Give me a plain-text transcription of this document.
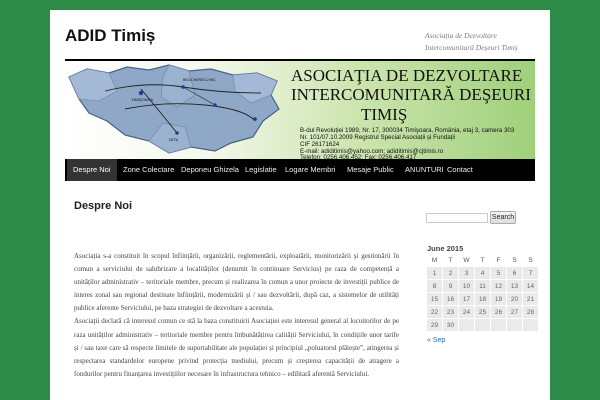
ADID Timiș	Asociația de Dezvoltare
Intercomunitară Deșeuri Timiș
TIMIŞOARA
BECICHERECU MIC
DETA
ASOCIAŢIA DE DEZVOLTARE
INTERCOMUNITARĂ DEŞEURI
TIMIŞ
B-dul Revoluției 1989, Nr. 17, 300034 Timişoara, România, etaj 3, camera 303
Nr. 101/07.10.2009 Registrul Special Asociații și Fundații
CIF 26171624
E-mail: adiditimis@yahoo.com; adiditimis@cjtimis.ro
Telefon: 0256.406.452; Fax: 0256.406.417
Despre Noi	Zone Colectare Deponeu Ghizela Legislatie Logare Membri Mesaje Public ANUNTURI Contact
Despre Noi

Asociația s-a constituit în scopul înființării, organizării, reglementării, exploatării, monitorizării și gestionării în comun a serviciului de salubrizare a localităților (denumit în continuare Servicius) pe raza de competență a unităților administrativ – teritoriale membre, precum și realizarea în comun a unor proiecte de investiții publice de interes zonal sau regional destinate înființării, modernizării și / sau dezvoltării, după caz, a sistemelor de utilități publice aferente Serviciului, pe baza strategiei de dezvoltare a acestuia.

Asociații declară că interesul comun ce stă la baza constituirii Asociației este interesul general al locuitorilor de pe raza unităților administrativ – teritoriale membre pentru îmbunătățirea calității Serviciului, în condițiile unor tarife și / sau taxe care să respecte limitele de suportabilitate ale populației și principiul „poluatorul plătește”, atingerea și respectarea standardelor europene privind protecția mediului, precum și creșterea capacității de atragere a fondurilor pentru finanțarea investițiilor necesare în infrastructura tehnico – edilitară aferentă Serviciului.

Search
June 2015
M	T	W	T	F	S	S
1	2	3	4	5	6	7
8	9	10	11	12	13	14
15	16	17	18	19	20	21
22	23	24	25	26	27	28
29	30					
« Sep
